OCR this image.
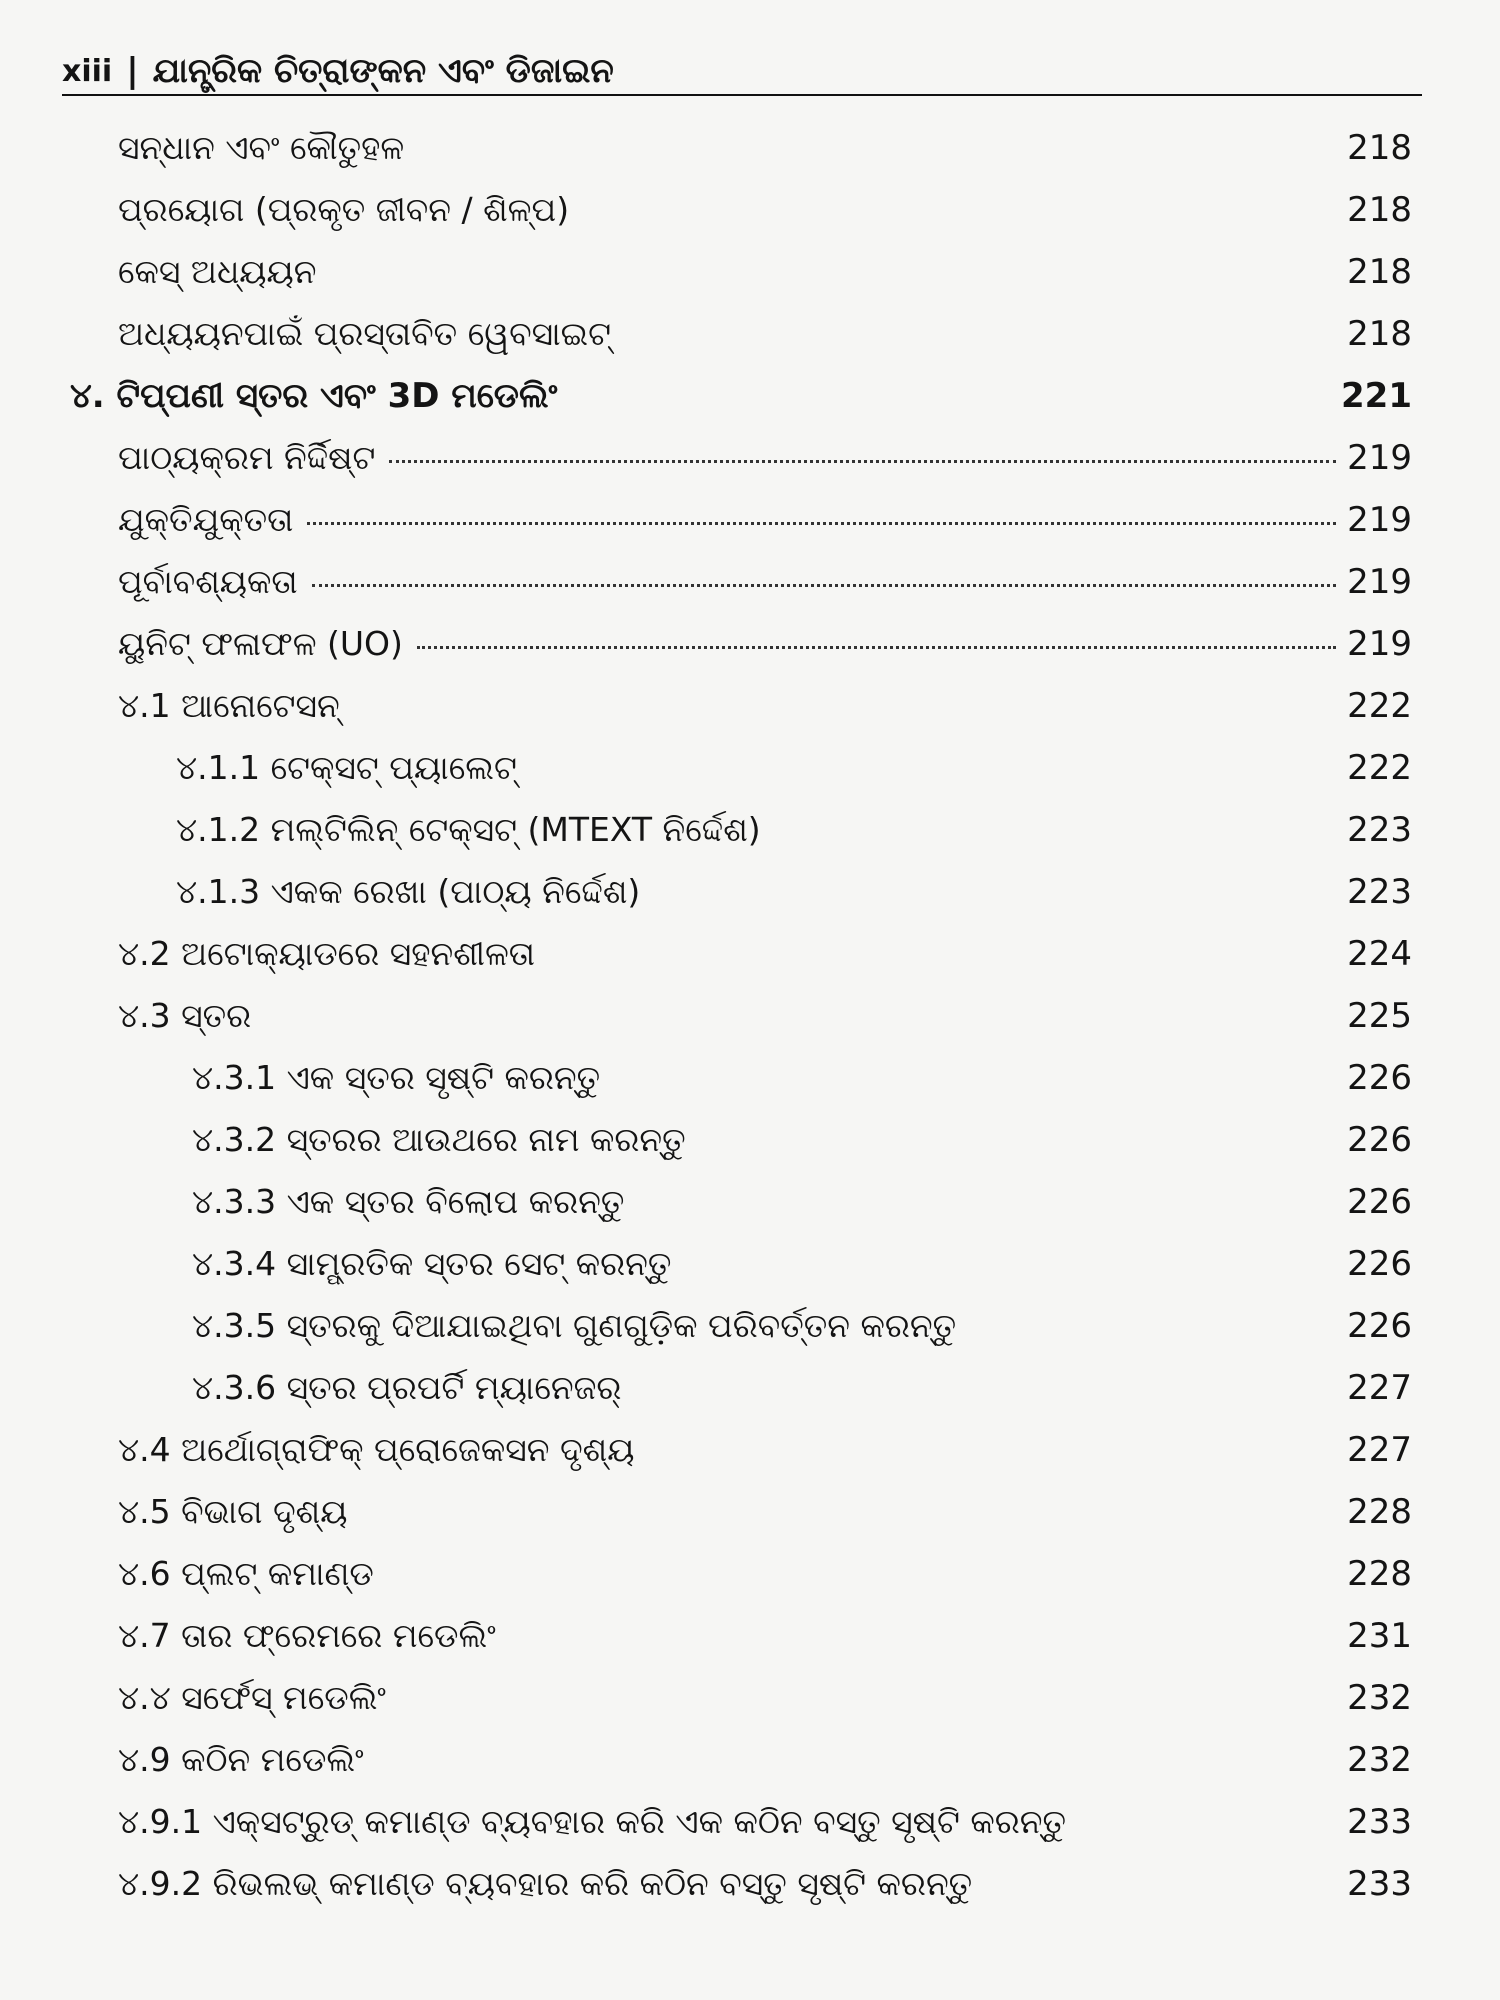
xiii | ଯାନ୍ତ୍ରିକ ଚିତ୍ରାଙ୍କନ ଏବଂ ଡିଜାଇନ
ସନ୍ଧାନ ଏବଂ କୌତୁହଳ	218
ପ୍ରୟୋଗ (ପ୍ରକୃତ ଜୀବନ / ଶିଳ୍ପ)	218
କେସ୍ ଅଧ୍ୟୟନ	218
ଅଧ୍ୟୟନପାଇଁ ପ୍ରସ୍ତାବିତ ୱେବସାଇଟ୍	218
୪. ଟିପ୍ପଣୀ ସ୍ତର ଏବଂ 3D ମଡେଲିଂ	221
ପାଠ୍ୟକ୍ରମ ନିର୍ଦ୍ଦିଷ୍ଟ	219
ଯୁକ୍ତିଯୁକ୍ତତା	219
ପୂର୍ବାବଶ୍ୟକତା	219
ୟୁନିଟ୍ ଫଳାଫଳ (UO)	219
୪.1 ଆନୋଟେସନ୍	222
୪.1.1 ଟେକ୍ସଟ୍ ପ୍ୟାଲେଟ୍	222
୪.1.2 ମଲ୍ଟିଲିନ୍ ଟେକ୍ସଟ୍ (MTEXT ନିର୍ଦ୍ଦେଶ)	223
୪.1.3 ଏକକ ରେଖା (ପାଠ୍ୟ ନିର୍ଦ୍ଦେଶ)	223
୪.2 ଅଟୋକ୍ୟାଡରେ ସହନଶୀଳତା	224
୪.3 ସ୍ତର	225
୪.3.1 ଏକ ସ୍ତର ସୃଷ୍ଟି କରନ୍ତୁ	226
୪.3.2 ସ୍ତରର ଆଉଥରେ ନାମ କରନ୍ତୁ	226
୪.3.3 ଏକ ସ୍ତର ବିଲୋପ କରନ୍ତୁ	226
୪.3.4 ସାମ୍ପ୍ରତିକ ସ୍ତର ସେଟ୍ କରନ୍ତୁ	226
୪.3.5 ସ୍ତରକୁ ଦିଆଯାଇଥିବା ଗୁଣଗୁଡ଼ିକ ପରିବର୍ତ୍ତନ କରନ୍ତୁ	226
୪.3.6 ସ୍ତର ପ୍ରପର୍ଟି ମ୍ୟାନେଜର୍	227
୪.4 ଅର୍ଥୋଗ୍ରାଫିକ୍ ପ୍ରୋଜେକସନ ଦୃଶ୍ୟ	227
୪.5 ବିଭାଗ ଦୃଶ୍ୟ	228
୪.6 ପ୍ଲଟ୍ କମାଣ୍ଡ	228
୪.7 ତାର ଫ୍ରେମରେ ମଡେଲିଂ	231
୪.୪ ସର୍ଫେସ୍ ମଡେଲିଂ	232
୪.9 କଠିନ ମଡେଲିଂ	232
୪.9.1 ଏକ୍ସଟ୍ରୁଡ୍ କମାଣ୍ଡ ବ୍ୟବହାର କରି ଏକ କଠିନ ବସ୍ତୁ ସୃଷ୍ଟି କରନ୍ତୁ	233
୪.9.2 ରିଭଲଭ୍ କମାଣ୍ଡ ବ୍ୟବହାର କରି କଠିନ ବସ୍ତୁ ସୃଷ୍ଟି କରନ୍ତୁ	233
